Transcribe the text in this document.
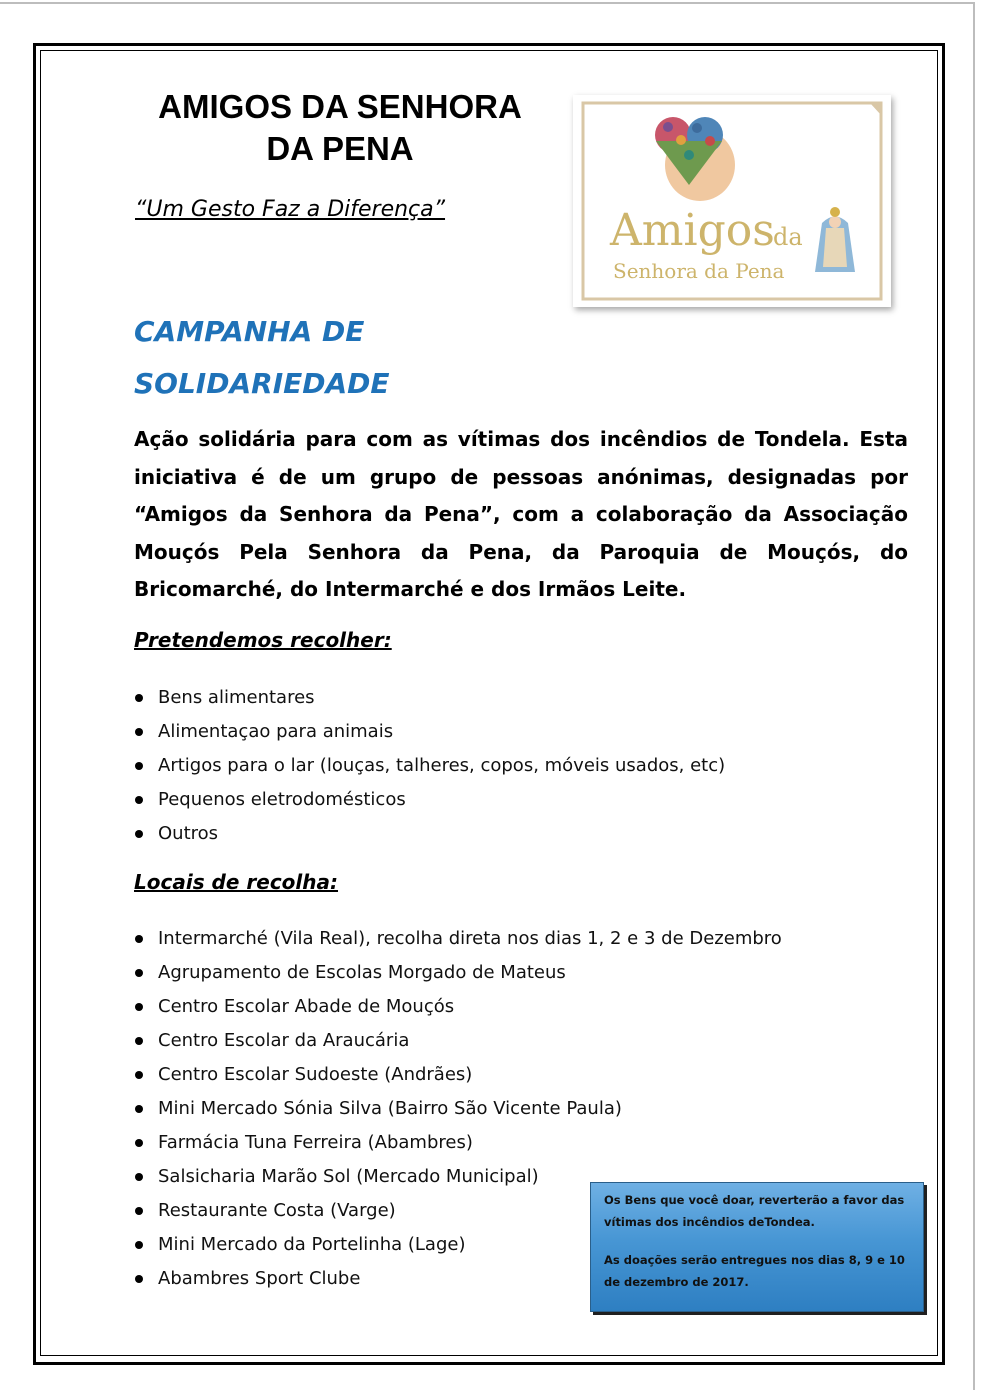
AMIGOS DA SENHORA
DA PENA
“Um Gesto Faz a Diferença”	Amigos
da
Senhora da Pena
CAMPANHA DE
SOLIDARIEDADE
Ação solidária para com as vítimas dos incêndios de Tondela. Esta iniciativa é de um grupo de pessoas anónimas, designadas por “Amigos da Senhora da Pena”, com a colaboração da Associação Mouçós Pela Senhora da Pena, da Paroquia de Mouçós, do Bricomarché, do Intermarché e dos Irmãos Leite.
Pretendemos recolher:
Bens alimentares
Alimentaçao para animais
Artigos para o lar (louças, talheres, copos, móveis usados, etc)
Pequenos eletrodomésticos
Outros
Locais de recolha:
Intermarché (Vila Real), recolha direta nos dias 1, 2 e 3 de Dezembro
Agrupamento de Escolas Morgado de Mateus
Centro Escolar Abade de Mouçós
Centro Escolar da Araucária
Centro Escolar Sudoeste (Andrães)
Mini Mercado Sónia Silva (Bairro São Vicente Paula)
Farmácia Tuna Ferreira (Abambres)
Salsicharia Marão Sol (Mercado Municipal)
Restaurante Costa (Varge)
Mini Mercado da Portelinha (Lage)
Abambres Sport Clube

Os Bens que você doar, reverterão a favor das vítimas dos incêndios deTondea.

As doações serão entregues nos dias 8, 9 e 10 de dezembro de 2017.
